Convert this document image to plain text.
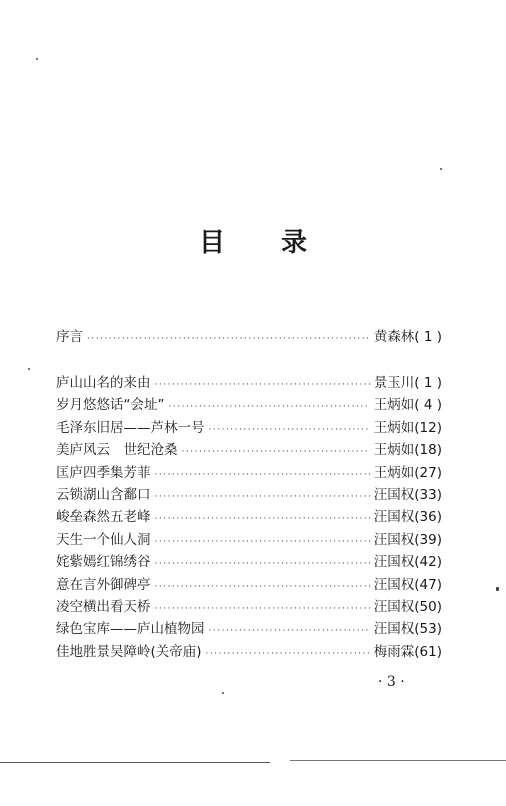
目 录
序言 ·····	黄森林 ( 1 )
庐山山名的来由 ·····	景玉川 ( 1 )
岁月悠悠话“会址” ·····	王炳如 ( 4 )
毛泽东旧居——芦林一号 ·····	王炳如 (12)
美庐风云　世纪沧桑 ·····	王炳如 (18)
匡庐四季集芳菲 ·····	王炳如 (27)
云锁湖山含鄱口 ·····	汪国权 (33)
峻垒森然五老峰 ·····	汪国权 (36)
天生一个仙人洞 ·····	汪国权 (39)
姹紫嫣红锦绣谷 ·····	汪国权 (42)
意在言外御碑亭 ·····	汪国权 (47)
凌空横出看天桥 ·····	汪国权 (50)
绿色宝库——庐山植物园 ·····	汪国权 (53)
佳地胜景吴障岭(关帝庙) ·····	梅雨霖 (61)
· 3 ·
